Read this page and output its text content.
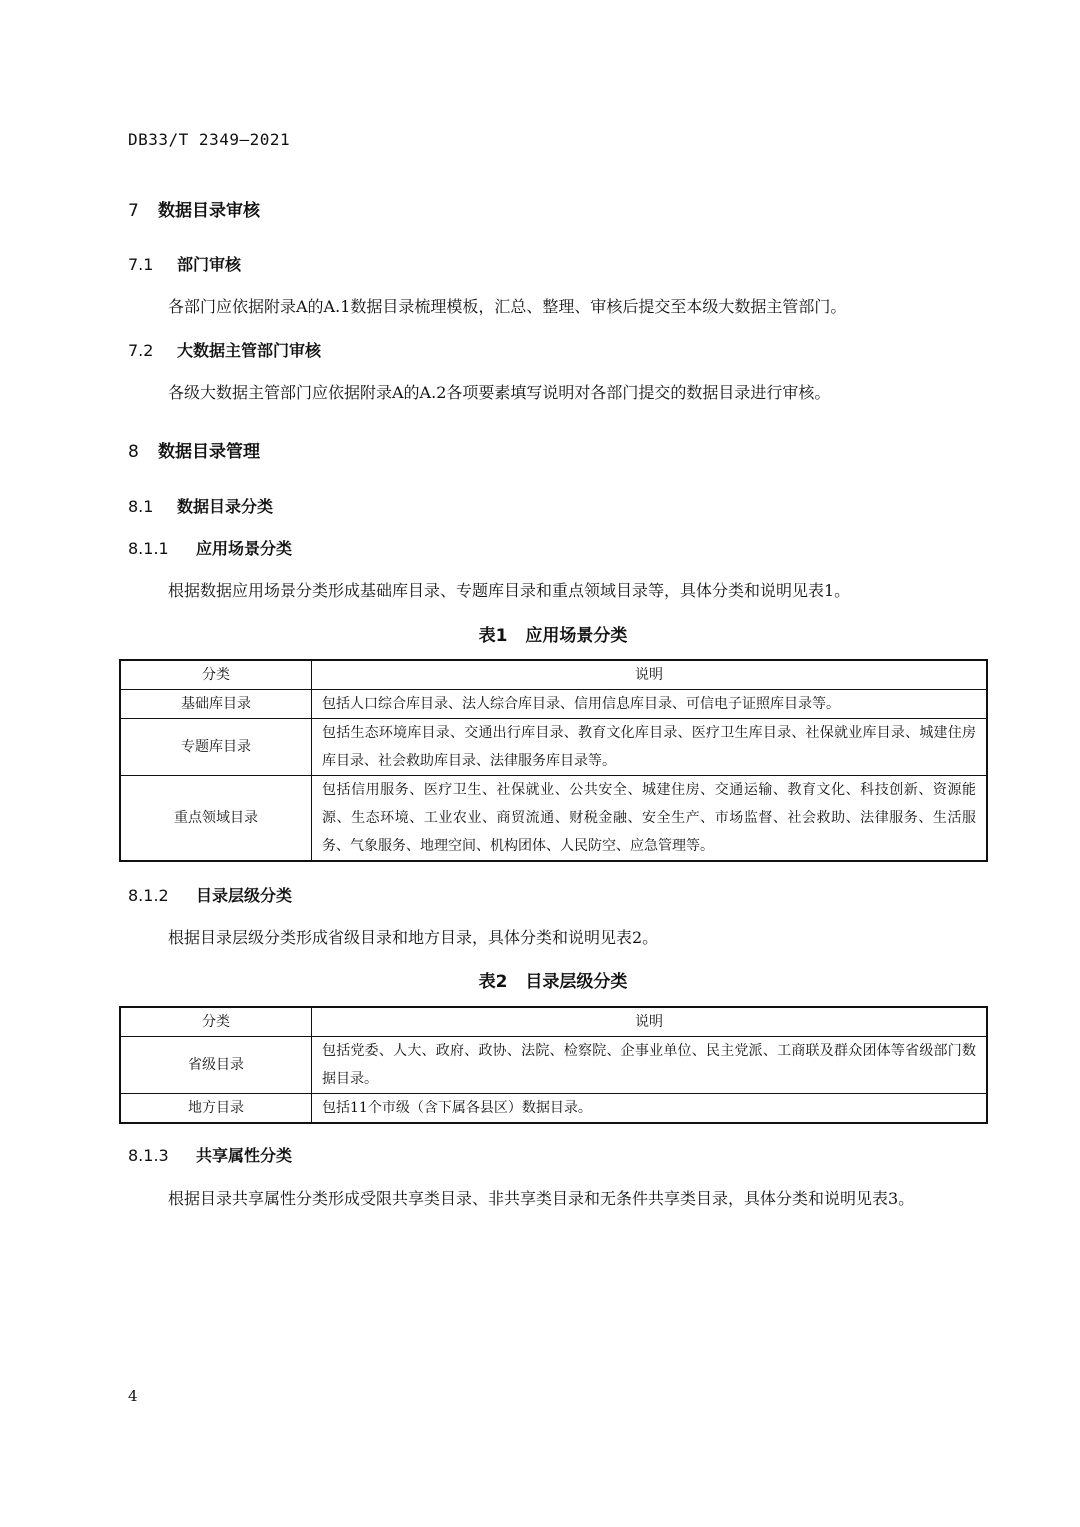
DB33/T 2349—2021
7 数据目录审核
7.1 部门审核
各部门应依据附录A的A.1数据目录梳理模板，汇总、整理、审核后提交至本级大数据主管部门。
7.2 大数据主管部门审核
各级大数据主管部门应依据附录A的A.2各项要素填写说明对各部门提交的数据目录进行审核。
8 数据目录管理
8.1 数据目录分类
8.1.1 应用场景分类
根据数据应用场景分类形成基础库目录、专题库目录和重点领域目录等，具体分类和说明见表1。
表1 应用场景分类
分类	说明
基础库目录	包括人口综合库目录、法人综合库目录、信用信息库目录、可信电子证照库目录等。
专题库目录	包括生态环境库目录、交通出行库目录、教育文化库目录、医疗卫生库目录、社保就业库目录、城建住房库目录、社会救助库目录、法律服务库目录等。
重点领域目录	包括信用服务、医疗卫生、社保就业、公共安全、城建住房、交通运输、教育文化、科技创新、资源能源、生态环境、工业农业、商贸流通、财税金融、安全生产、市场监督、社会救助、法律服务、生活服务、气象服务、地理空间、机构团体、人民防空、应急管理等。
8.1.2 目录层级分类
根据目录层级分类形成省级目录和地方目录，具体分类和说明见表2。
表2 目录层级分类
分类	说明
省级目录	包括党委、人大、政府、政协、法院、检察院、企事业单位、民主党派、工商联及群众团体等省级部门数据目录。
地方目录	包括11个市级（含下属各县区）数据目录。
8.1.3 共享属性分类
根据目录共享属性分类形成受限共享类目录、非共享类目录和无条件共享类目录，具体分类和说明见表3。
4
